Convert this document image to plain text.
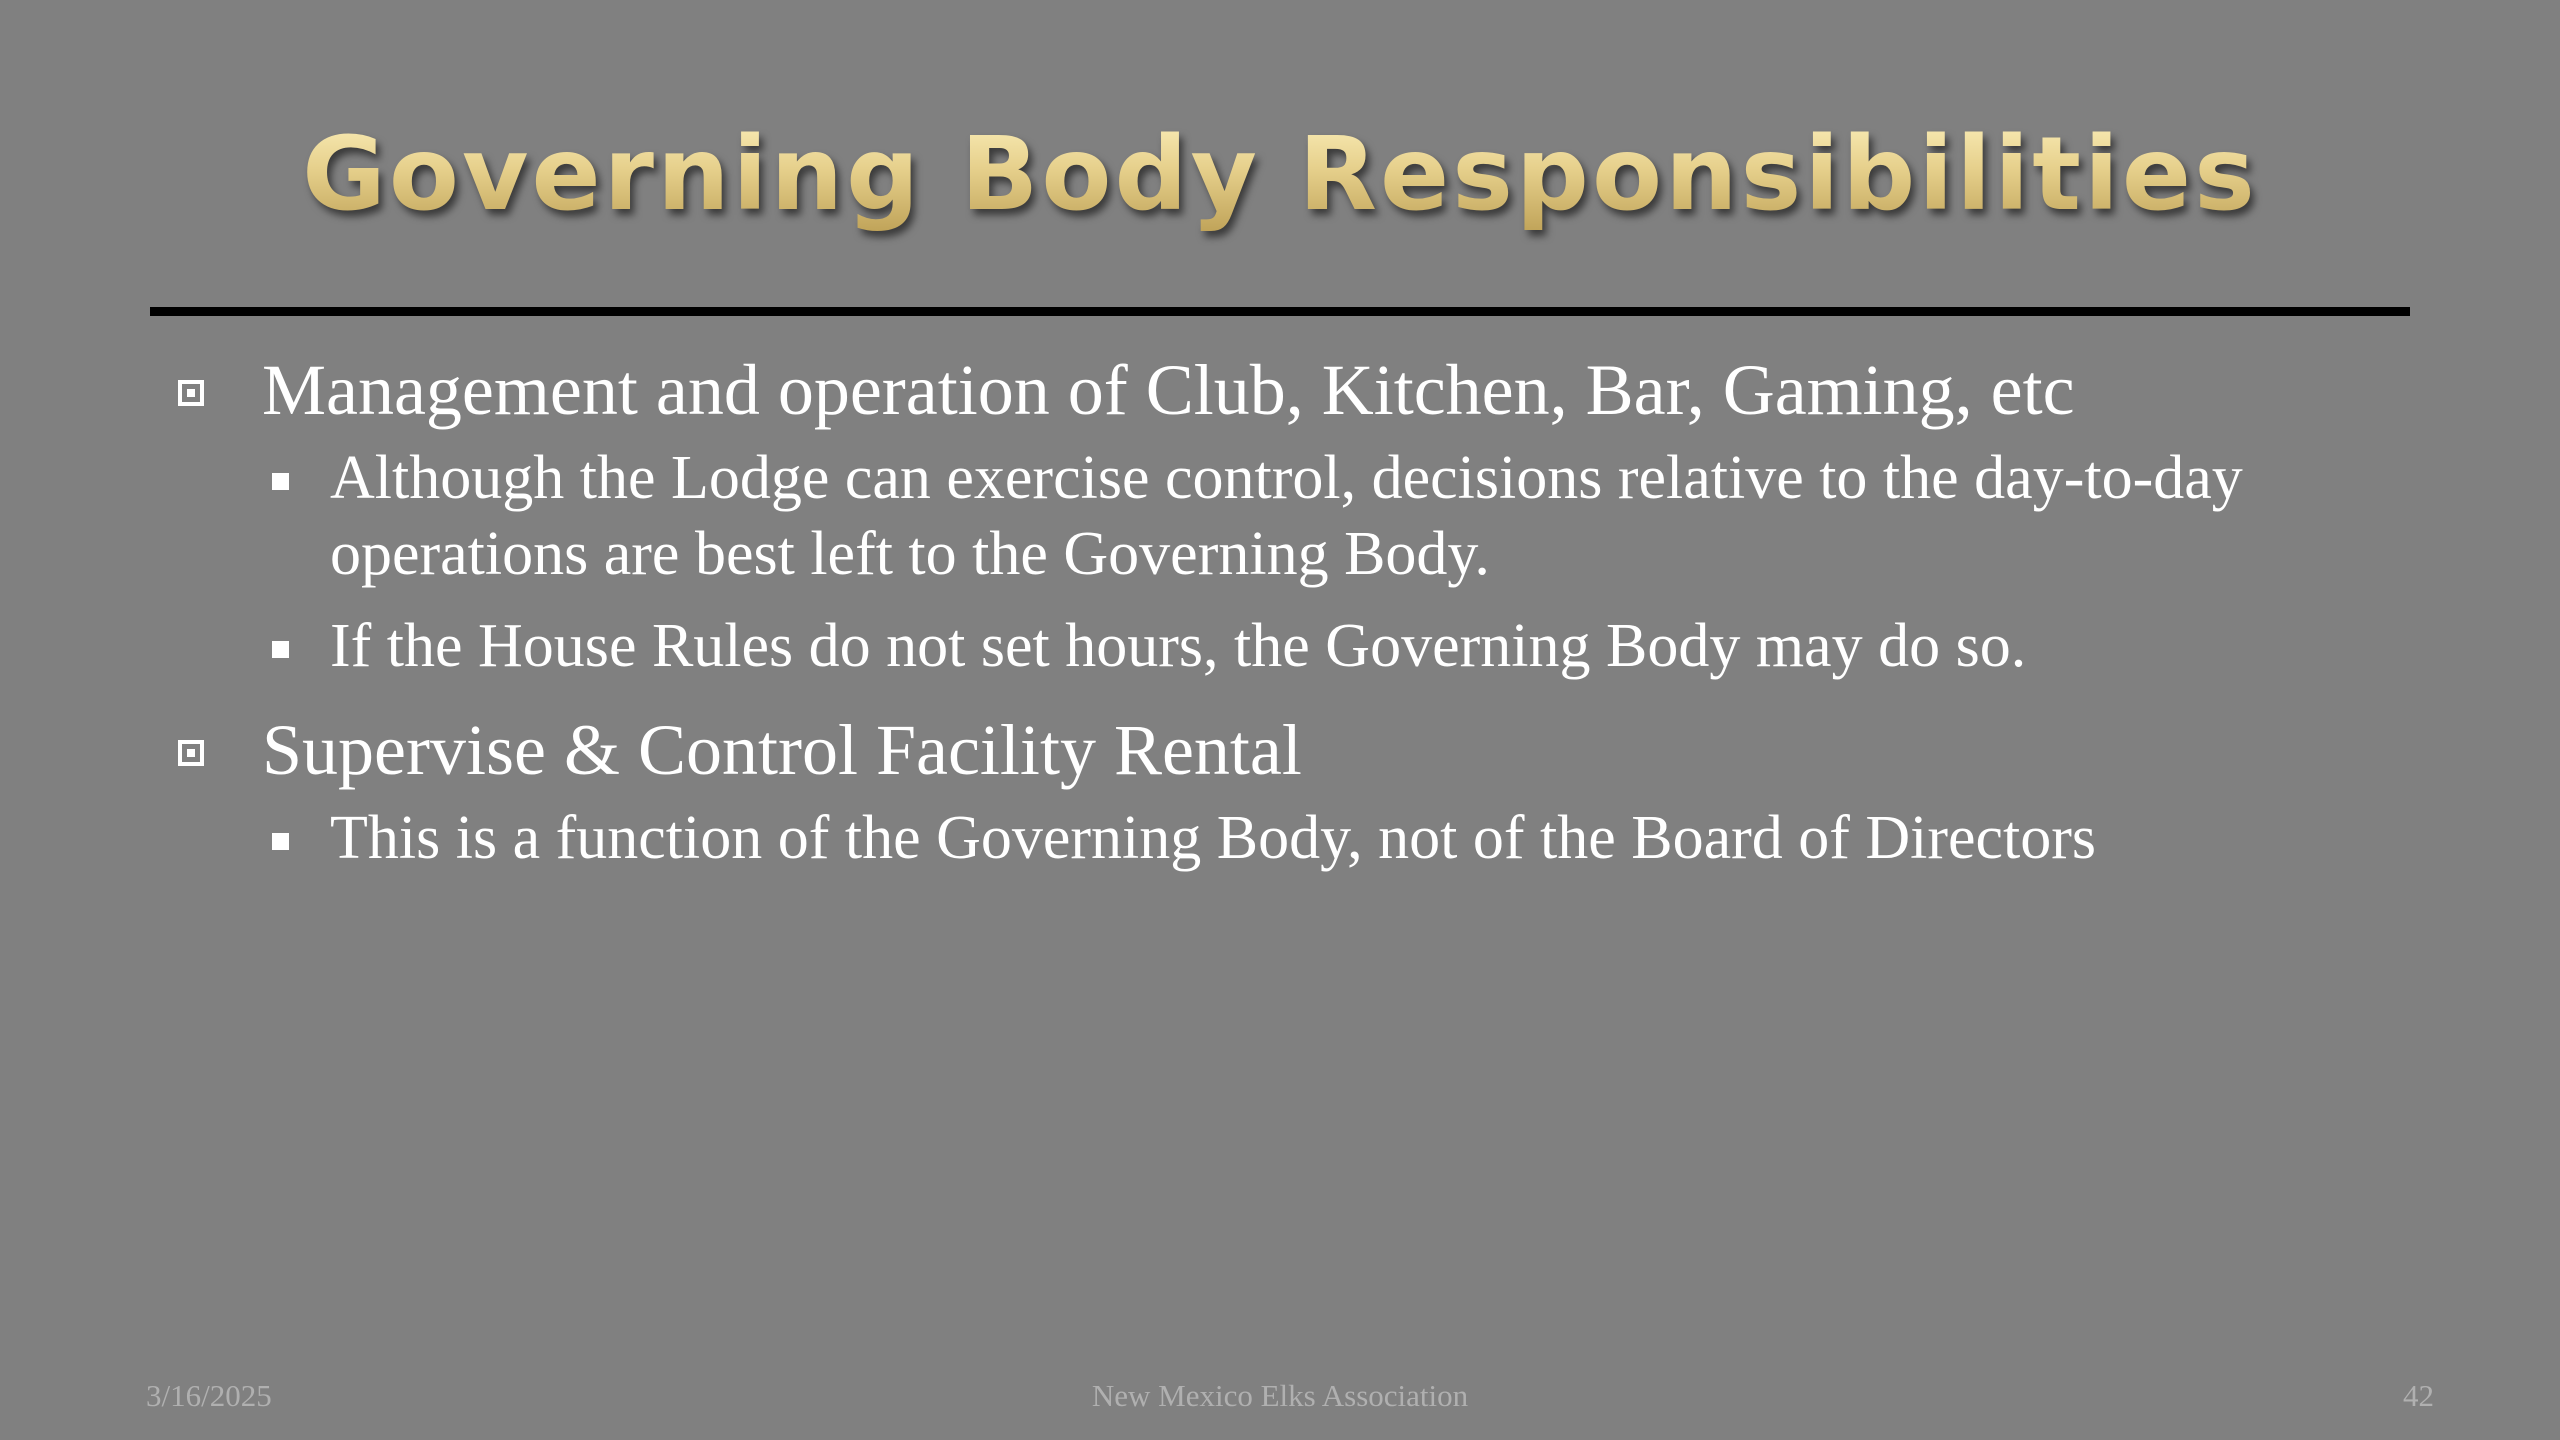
Governing Body Responsibilities
Management and operation of Club, Kitchen, Bar, Gaming, etc
Although the Lodge can exercise control, decisions relative to the day-to-day operations are best left to the Governing Body.
If the House Rules do not set hours, the Governing Body may do so.
Supervise & Control Facility Rental
This is a function of the Governing Body, not of the Board of Directors
3/16/2025	New Mexico Elks Association	42
